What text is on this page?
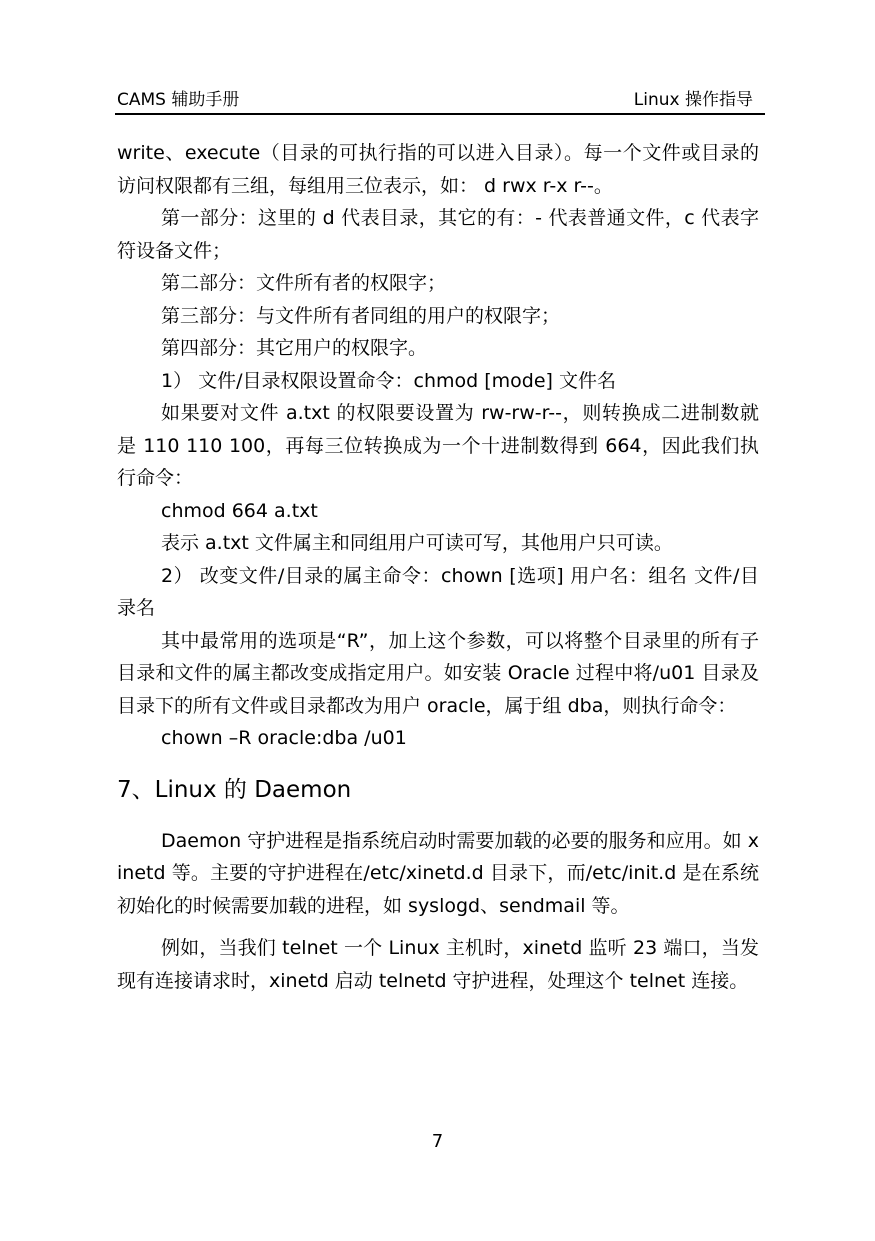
CAMS 辅助手册	Linux 操作指导

write、execute（目录的可执行指的可以进入目录）。每一个文件或目录的访问权限都有三组，每组用三位表示，如： d rwx r-x r--。

第一部分：这里的 d 代表目录，其它的有：- 代表普通文件，c 代表字符设备文件；

第二部分：文件所有者的权限字；

第三部分：与文件所有者同组的用户的权限字；

第四部分：其它用户的权限字。

1） 文件/目录权限设置命令：chmod [mode] 文件名

如果要对文件 a.txt 的权限要设置为 rw-rw-r--，则转换成二进制数就是 110 110 100，再每三位转换成为一个十进制数得到 664，因此我们执行命令：

chmod 664 a.txt

表示 a.txt 文件属主和同组用户可读可写，其他用户只可读。

2） 改变文件/目录的属主命令：chown [选项] 用户名：组名 文件/目录名

其中最常用的选项是“R”，加上这个参数，可以将整个目录里的所有子目录和文件的属主都改变成指定用户。如安装 Oracle 过程中将/u01 目录及目录下的所有文件或目录都改为用户 oracle，属于组 dba，则执行命令：

chown –R oracle:dba /u01

7、Linux 的 Daemon

Daemon 守护进程是指系统启动时需要加载的必要的服务和应用。如 xinetd 等。主要的守护进程在/etc/xinetd.d 目录下，而/etc/init.d 是在系统初始化的时候需要加载的进程，如 syslogd、sendmail 等。

例如，当我们 telnet 一个 Linux 主机时，xinetd 监听 23 端口，当发现有连接请求时，xinetd 启动 telnetd 守护进程，处理这个 telnet 连接。

7
